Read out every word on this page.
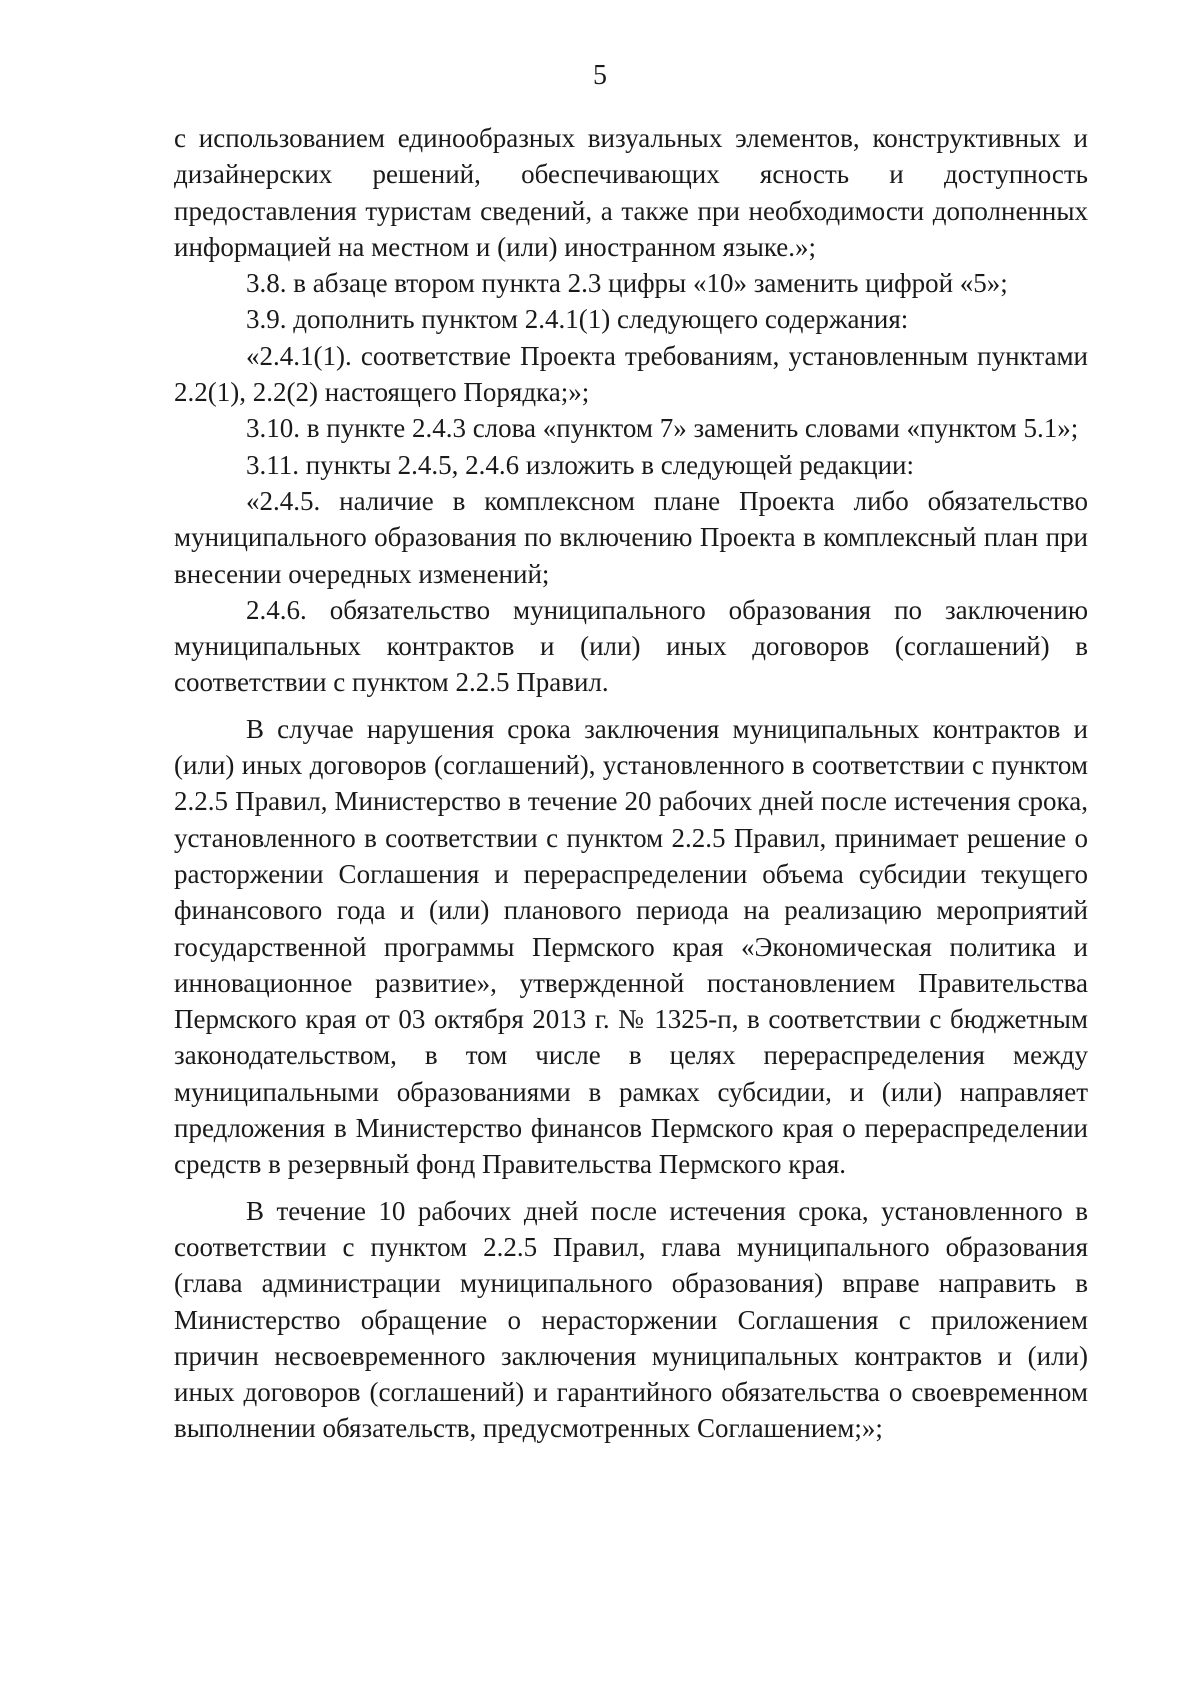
5

с использованием единообразных визуальных элементов, конструктивных и дизайнерских решений, обеспечивающих ясность и доступность предоставления туристам сведений, а также при необходимости дополненных информацией на местном и (или) иностранном языке.»;

3.8. в абзаце втором пункта 2.3 цифры «10» заменить цифрой «5»;

3.9. дополнить пунктом 2.4.1(1) следующего содержания:

«2.4.1(1). соответствие Проекта требованиям, установленным пунктами 2.2(1), 2.2(2) настоящего Порядка;»;

3.10. в пункте 2.4.3 слова «пунктом 7» заменить словами «пунктом 5.1»;

3.11. пункты 2.4.5, 2.4.6 изложить в следующей редакции:

«2.4.5. наличие в комплексном плане Проекта либо обязательство муниципального образования по включению Проекта в комплексный план при внесении очередных изменений;

2.4.6. обязательство муниципального образования по заключению муниципальных контрактов и (или) иных договоров (соглашений) в соответствии с пунктом 2.2.5 Правил.

В случае нарушения срока заключения муниципальных контрактов и (или) иных договоров (соглашений), установленного в соответствии с пунктом 2.2.5 Правил, Министерство в течение 20 рабочих дней после истечения срока, установленного в соответствии с пунктом 2.2.5 Правил, принимает решение о расторжении Соглашения и перераспределении объема субсидии текущего финансового года и (или) планового периода на реализацию мероприятий государственной программы Пермского края «Экономическая политика и инновационное развитие», утвержденной постановлением Правительства Пермского края от 03 октября 2013 г. № 1325-п, в соответствии с бюджетным законодательством, в том числе в целях перераспределения между муниципальными образованиями в рамках субсидии, и (или) направляет предложения в Министерство финансов Пермского края о перераспределении средств в резервный фонд Правительства Пермского края.

В течение 10 рабочих дней после истечения срока, установленного в соответствии с пунктом 2.2.5 Правил, глава муниципального образования (глава администрации муниципального образования) вправе направить в Министерство обращение о нерасторжении Соглашения с приложением причин несвоевременного заключения муниципальных контрактов и (или) иных договоров (соглашений) и гарантийного обязательства о своевременном выполнении обязательств, предусмотренных Соглашением;»;
